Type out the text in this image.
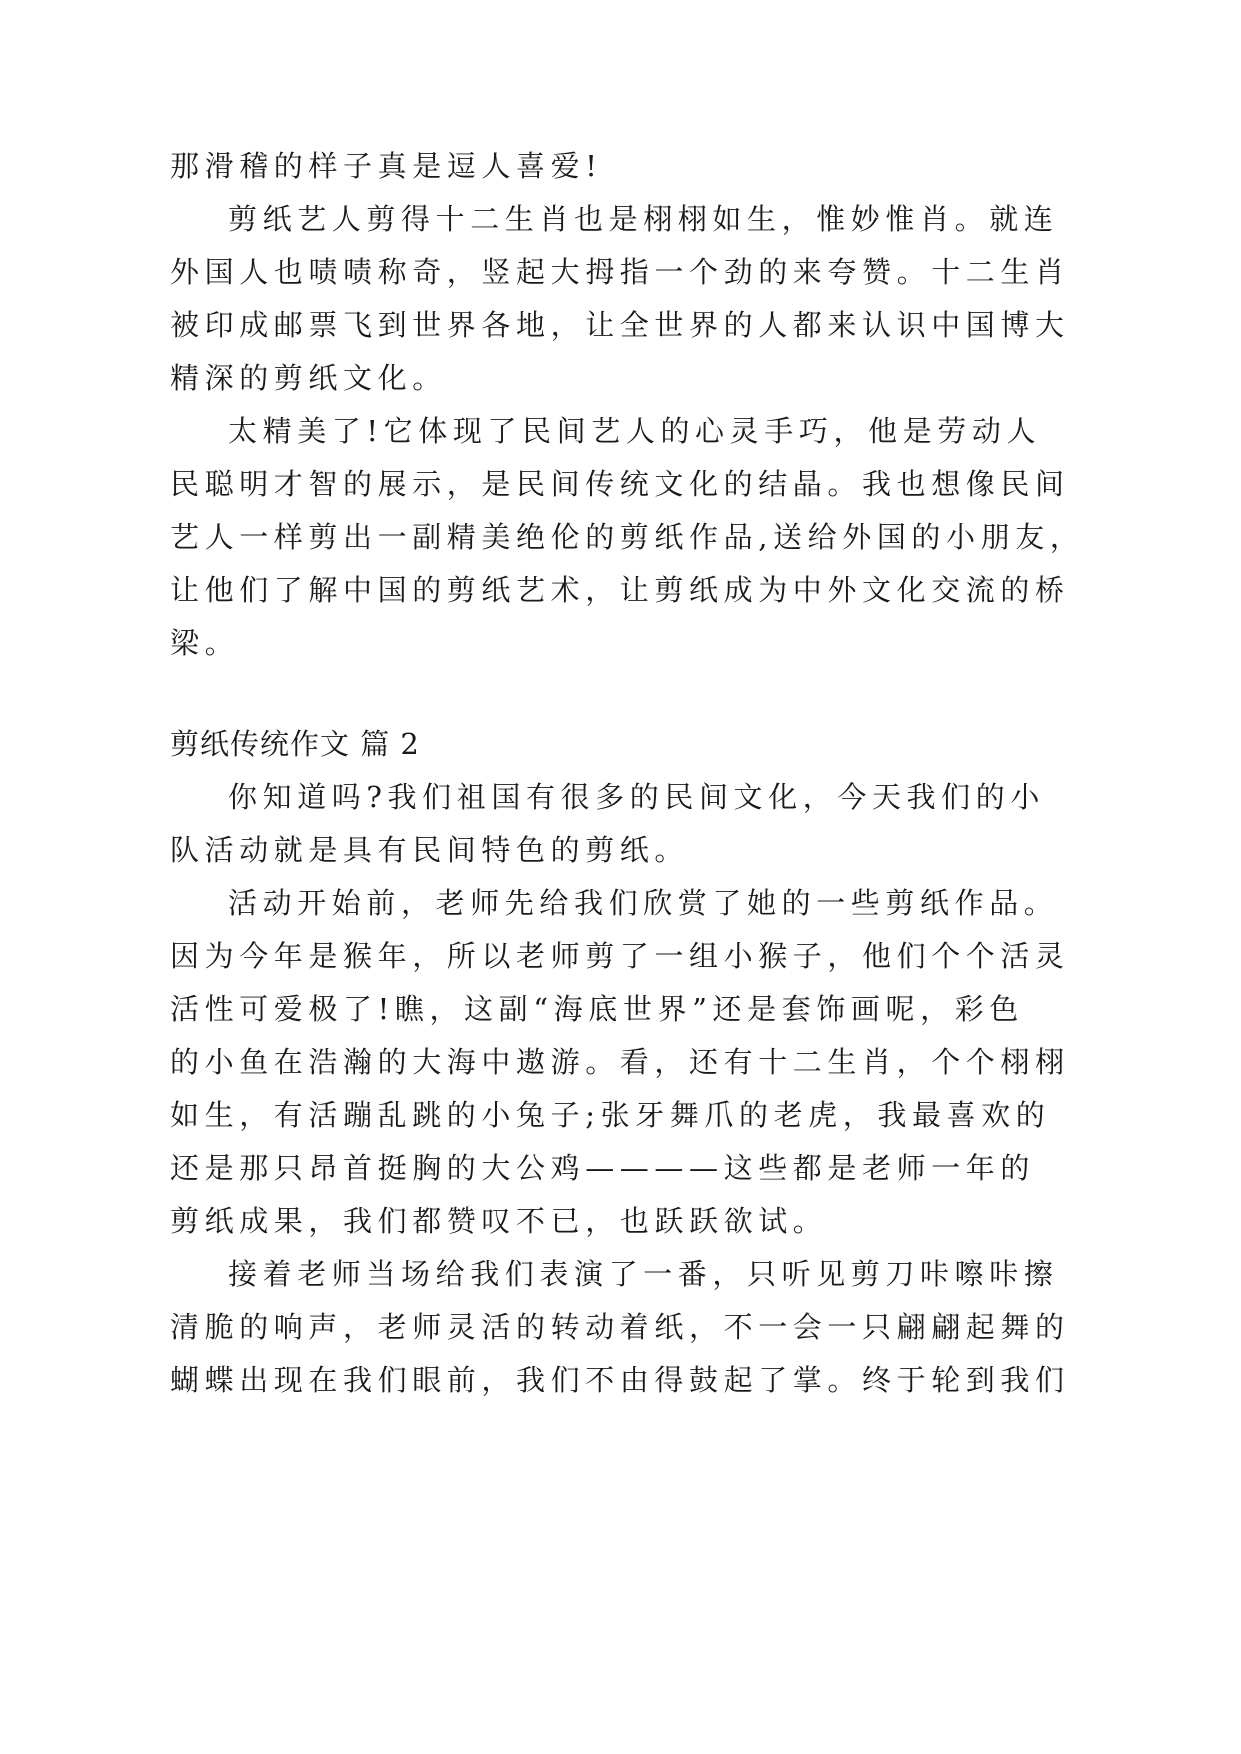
那滑稽的样子真是逗人喜爱!

剪纸艺人剪得十二生肖也是栩栩如生，惟妙惟肖。就连

外国人也啧啧称奇，竖起大拇指一个劲的来夸赞。十二生肖

被印成邮票飞到世界各地，让全世界的人都来认识中国博大

精深的剪纸文化。

太精美了!它体现了民间艺人的心灵手巧，他是劳动人

民聪明才智的展示，是民间传统文化的结晶。我也想像民间

艺人一样剪出一副精美绝伦的剪纸作品,送给外国的小朋友，

让他们了解中国的剪纸艺术，让剪纸成为中外文化交流的桥

梁。

剪纸传统作文 篇 2

你知道吗?我们祖国有很多的民间文化，今天我们的小

队活动就是具有民间特色的剪纸。

活动开始前，老师先给我们欣赏了她的一些剪纸作品。

因为今年是猴年，所以老师剪了一组小猴子，他们个个活灵

活性可爱极了!瞧，这副“海底世界”还是套饰画呢，彩色

的小鱼在浩瀚的大海中遨游。看，还有十二生肖，个个栩栩

如生，有活蹦乱跳的小兔子;张牙舞爪的老虎，我最喜欢的

还是那只昂首挺胸的大公鸡————这些都是老师一年的

剪纸成果，我们都赞叹不已，也跃跃欲试。

接着老师当场给我们表演了一番，只听见剪刀咔嚓咔擦

清脆的响声，老师灵活的转动着纸，不一会一只翩翩起舞的

蝴蝶出现在我们眼前，我们不由得鼓起了掌。终于轮到我们
